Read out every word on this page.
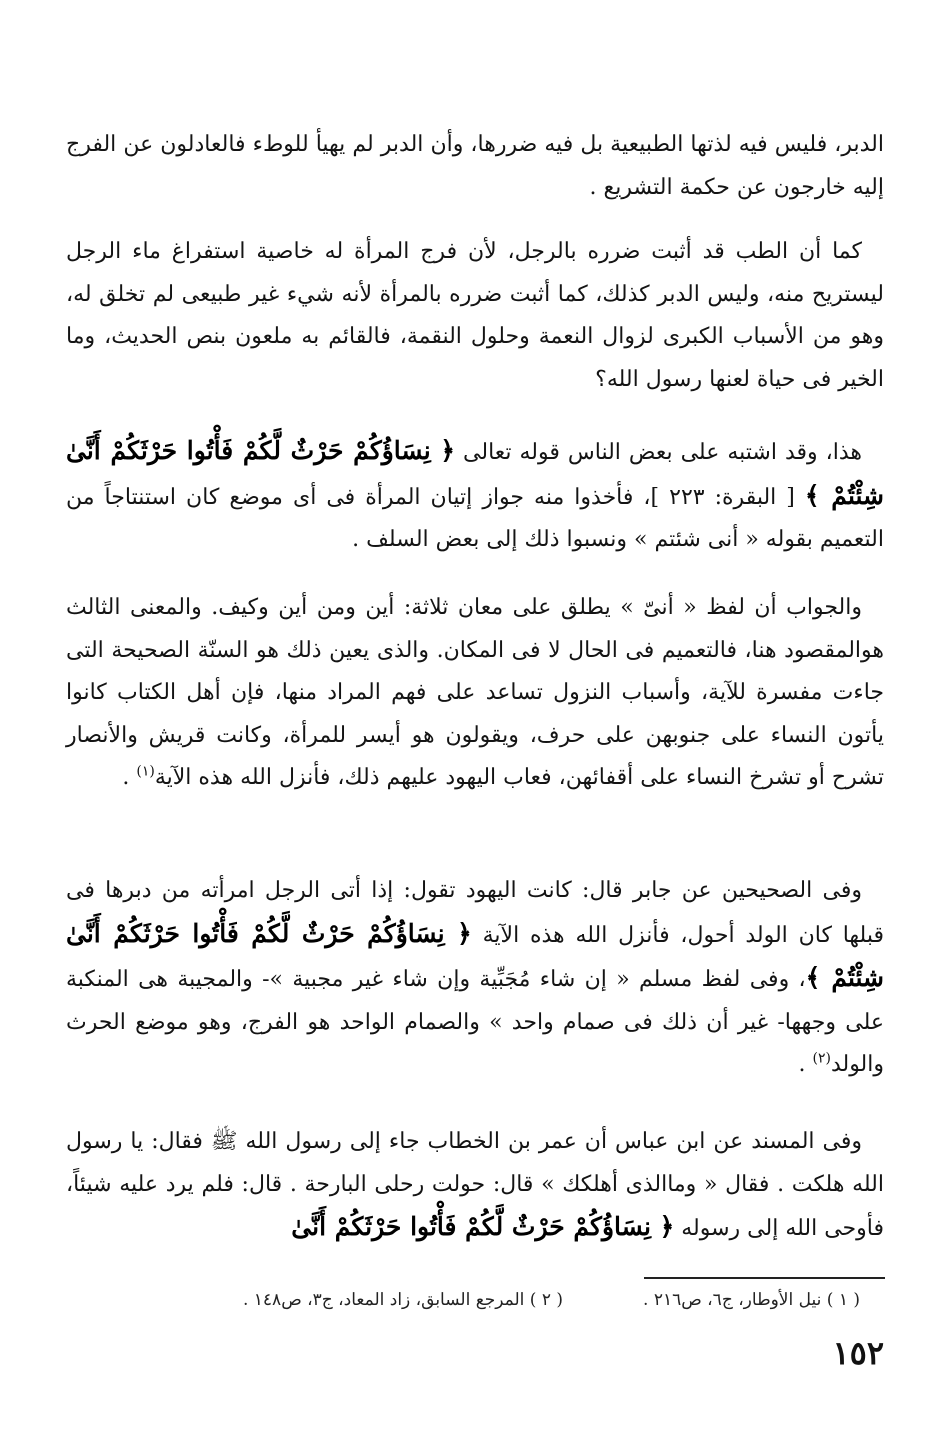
الدبر، فليس فيه لذتها الطبيعية بل فيه ضررها، وأن الدبر لم يهيأ للوطء فالعادلون عن الفرج إليه خارجون عن حكمة التشريع .

كما أن الطب قد أثبت ضرره بالرجل، لأن فرج المرأة له خاصية استفراغ ماء الرجل ليستريح منه، وليس الدبر كذلك، كما أثبت ضرره بالمرأة لأنه شيء غير طبيعى لم تخلق له، وهو من الأسباب الكبرى لزوال النعمة وحلول النقمة، فالقائم به ملعون بنص الحديث، وما الخير فى حياة لعنها رسول الله؟

هذا، وقد اشتبه على بعض الناس قوله تعالى ﴿ نِسَاؤُكُمْ حَرْثٌ لَّكُمْ فَأْتُوا حَرْثَكُمْ أَنَّىٰ شِئْتُمْ ﴾ [ البقرة: ٢٢٣ ]، فأخذوا منه جواز إتيان المرأة فى أى موضع كان استنتاجاً من التعميم بقوله « أنى شئتم » ونسبوا ذلك إلى بعض السلف .

والجواب أن لفظ « أنىّ » يطلق على معان ثلاثة: أين ومن أين وكيف. والمعنى الثالث هوالمقصود هنا، فالتعميم فى الحال لا فى المكان. والذى يعين ذلك هو السنّة الصحيحة التى جاءت مفسرة للآية، وأسباب النزول تساعد على فهم المراد منها، فإن أهل الكتاب كانوا يأتون النساء على جنوبهن على حرف، ويقولون هو أيسر للمرأة، وكانت قريش والأنصار تشرح أو تشرخ النساء على أقفائهن، فعاب اليهود عليهم ذلك، فأنزل الله هذه الآية$^{(١)}$ .

وفى الصحيحين عن جابر قال: كانت اليهود تقول: إذا أتى الرجل امرأته من دبرها فى قبلها كان الولد أحول، فأنزل الله هذه الآية ﴿ نِسَاؤُكُمْ حَرْثٌ لَّكُمْ فَأْتُوا حَرْثَكُمْ أَنَّىٰ شِئْتُمْ ﴾، وفى لفظ مسلم « إن شاء مُجَبِّية وإن شاء غير مجبية »- والمجيبة هى المنكبة على وجهها- غير أن ذلك فى صمام واحد » والصمام الواحد هو الفرج، وهو موضع الحرث والولد$^{(٢)}$ .

وفى المسند عن ابن عباس أن عمر بن الخطاب جاء إلى رسول الله ﷺ فقال: يا رسول الله هلكت . فقال « وماالذى أهلكك » قال: حولت رحلى البارحة . قال: فلم يرد عليه شيئاً، فأوحى الله إلى رسوله ﴿ نِسَاؤُكُمْ حَرْثٌ لَّكُمْ فَأْتُوا حَرْثَكُمْ أَنَّىٰ

( ١ ) نيل الأوطار، ج٦، ص٢١٦ .( ٢ ) المرجع السابق، زاد المعاد، ج٣، ص١٤٨ .
١٥٢
